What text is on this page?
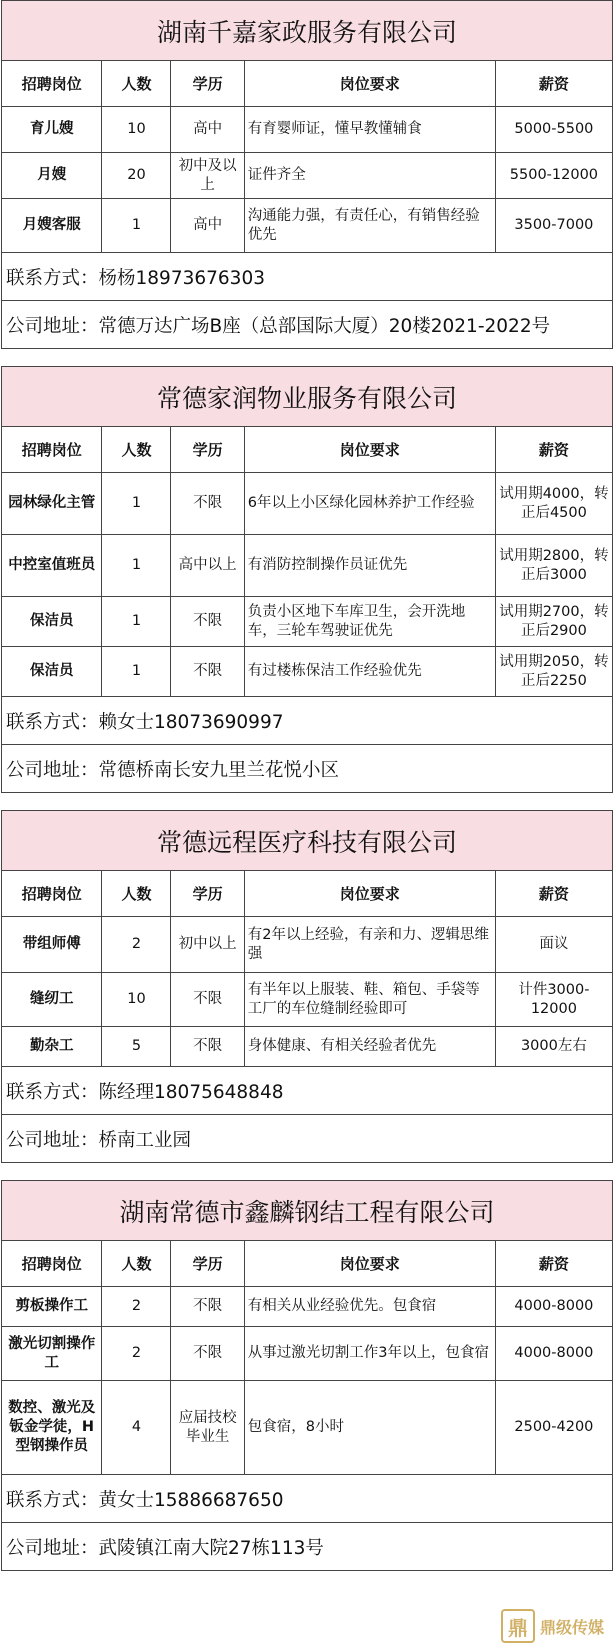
湖南千嘉家政服务有限公司				
招聘岗位	人数	学历	岗位要求	薪资
育儿嫂	10	高中	有育婴师证，懂早教懂辅食	5000-5500
月嫂	20	初中及以上	证件齐全	5500-12000
月嫂客服	1	高中	沟通能力强，有责任心，有销售经验优先	3500-7000
联系方式：杨杨18973676303				
公司地址：常德万达广场B座（总部国际大厦）20楼2021-2022号				
常德家润物业服务有限公司				
招聘岗位	人数	学历	岗位要求	薪资
园林绿化主管	1	不限	6年以上小区绿化园林养护工作经验	试用期4000，转正后4500
中控室值班员	1	高中以上	有消防控制操作员证优先	试用期2800，转正后3000
保洁员	1	不限	负责小区地下车库卫生，会开洗地车，三轮车驾驶证优先	试用期2700，转正后2900
保洁员	1	不限	有过楼栋保洁工作经验优先	试用期2050，转正后2250
联系方式：赖女士18073690997				
公司地址：常德桥南长安九里兰花悦小区				
常德远程医疗科技有限公司				
招聘岗位	人数	学历	岗位要求	薪资
带组师傅	2	初中以上	有2年以上经验，有亲和力、逻辑思维强	面议
缝纫工	10	不限	有半年以上服装、鞋、箱包、手袋等工厂的车位缝制经验即可	计件3000-12000
勤杂工	5	不限	身体健康、有相关经验者优先	3000左右
联系方式：陈经理18075648848				
公司地址：桥南工业园				
湖南常德市鑫麟钢结工程有限公司				
招聘岗位	人数	学历	岗位要求	薪资
剪板操作工	2	不限	有相关从业经验优先。包食宿	4000-8000
激光切割操作工	2	不限	从事过激光切割工作3年以上，包食宿	4000-8000
数控、激光及钣金学徒，H型钢操作员	4	应届技校毕业生	包食宿，8小时	2500-4200
联系方式：黄女士15886687650				
公司地址：武陵镇江南大院27栋113号				
鼎 鼎级传媒
